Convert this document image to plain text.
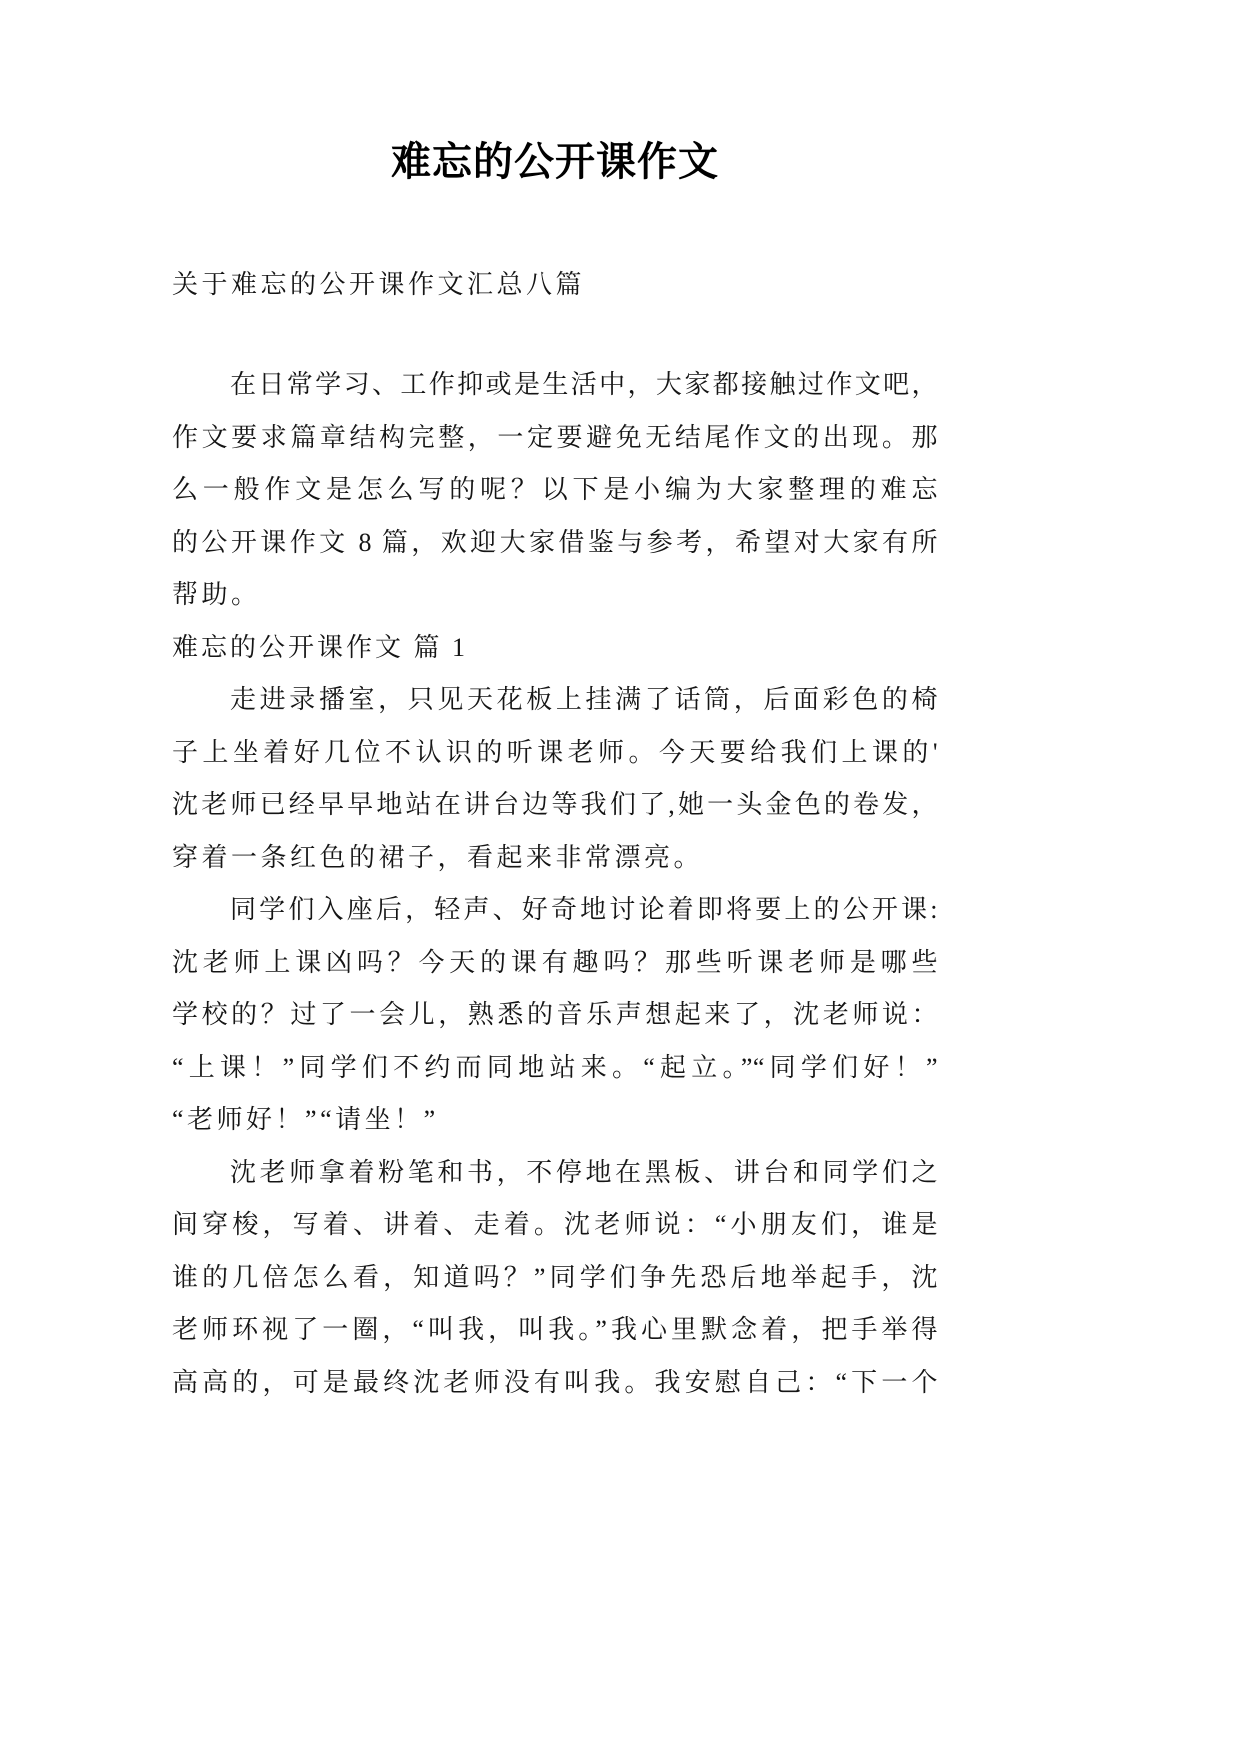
难忘的公开课作文
关于难忘的公开课作文汇总八篇
在日常学习、工作抑或是生活中，大家都接触过作文吧，
作文要求篇章结构完整，一定要避免无结尾作文的出现。那
么一般作文是怎么写的呢？以下是小编为大家整理的难忘
的公开课作文 8 篇，欢迎大家借鉴与参考，希望对大家有所
帮助。
难忘的公开课作文 篇 1
走进录播室，只见天花板上挂满了话筒，后面彩色的椅
子上坐着好几位不认识的听课老师。今天要给我们上课的'
沈老师已经早早地站在讲台边等我们了,她一头金色的卷发，
穿着一条红色的裙子，看起来非常漂亮。
同学们入座后，轻声、好奇地讨论着即将要上的公开课:
沈老师上课凶吗？今天的课有趣吗？那些听课老师是哪些
学校的？过了一会儿，熟悉的音乐声想起来了，沈老师说：
“上课！”同学们不约而同地站来。“起立。”“同学们好！”
“老师好！”“请坐！”
沈老师拿着粉笔和书，不停地在黑板、讲台和同学们之
间穿梭，写着、讲着、走着。沈老师说：“小朋友们，谁是
谁的几倍怎么看，知道吗？”同学们争先恐后地举起手，沈
老师环视了一圈，“叫我，叫我。”我心里默念着，把手举得
高高的，可是最终沈老师没有叫我。我安慰自己：“下一个
